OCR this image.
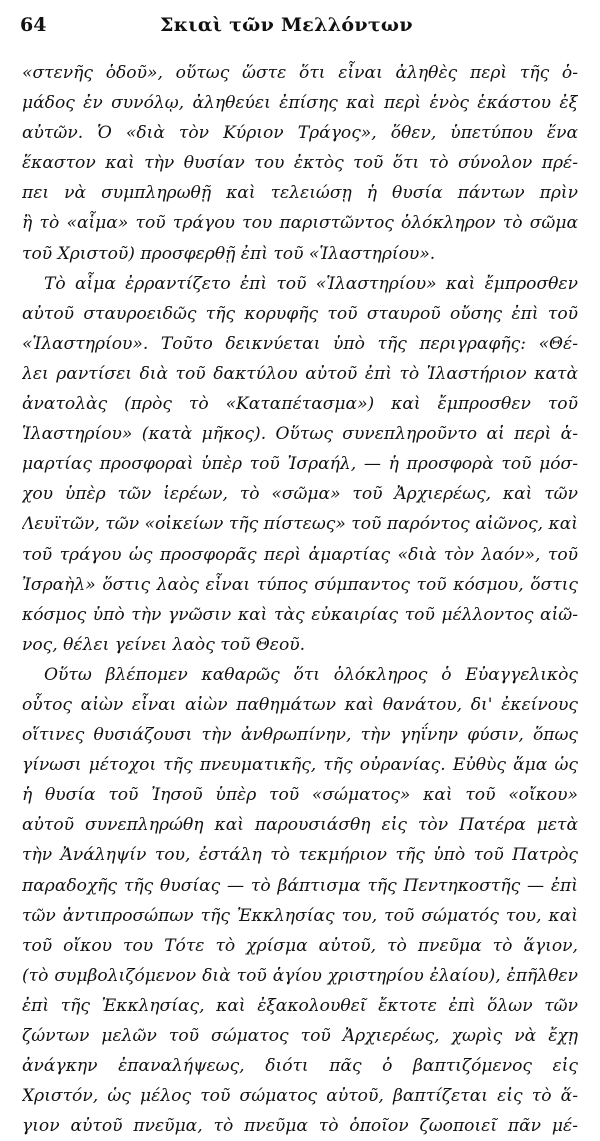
64	Σκιαὶ τῶν Μελλόντων
«στενῆς ὁδοῦ», οὕτως ὥστε ὅτι εἶναι ἀληθὲς περὶ τῆς ὁ-
μάδος ἐν συνόλῳ, ἀληθεύει ἐπίσης καὶ περὶ ἑνὸς ἑκάστου ἐξ
αὐτῶν. Ὁ «διὰ τὸν Κύριον Τράγος», ὅθεν, ὑπετύπου ἕνα
ἕκαστον καὶ τὴν θυσίαν του ἐκτὸς τοῦ ὅτι τὸ σύνολον πρέ-
πει νὰ συμπληρωθῇ καὶ τελειώσῃ ἡ θυσία πάντων πρὶν
ἢ τὸ «αἷμα» τοῦ τράγου του παριστῶντος ὁλόκληρον τὸ σῶμα
τοῦ Χριστοῦ) προσφερθῇ ἐπὶ τοῦ «Ἱλαστηρίου».
Τὸ αἷμα ἐρραντίζετο ἐπὶ τοῦ «Ἱλαστηρίου» καὶ ἔμπροσθεν
αὐτοῦ σταυροειδῶς τῆς κορυφῆς τοῦ σταυροῦ οὔσης ἐπὶ τοῦ
«Ἱλαστηρίου». Τοῦτο δεικνύεται ὑπὸ τῆς περιγραφῆς: «Θέ-
λει ραντίσει διὰ τοῦ δακτύλου αὐτοῦ ἐπὶ τὸ Ἱλαστήριον κατὰ
ἀνατολὰς (πρὸς τὸ «Καταπέτασμα») καὶ ἔμπροσθεν τοῦ
Ἱλαστηρίου» (κατὰ μῆκος). Οὕτως συνεπληροῦντο αἱ περὶ ἁ-
μαρτίας προσφοραὶ ὑπὲρ τοῦ Ἰσραήλ, — ἡ προσφορὰ τοῦ μόσ-
χου ὑπὲρ τῶν ἱερέων, τὸ «σῶμα» τοῦ Ἀρχιερέως, καὶ τῶν
Λευϊτῶν, τῶν «οἰκείων τῆς πίστεως» τοῦ παρόντος αἰῶνος, καὶ
τοῦ τράγου ὡς προσφορᾶς περὶ ἁμαρτίας «διὰ τὸν λαόν», τοῦ
Ἰσραὴλ» ὅστις λαὸς εἶναι τύπος σύμπαντος τοῦ κόσμου, ὅστις
κόσμος ὑπὸ τὴν γνῶσιν καὶ τὰς εὐκαιρίας τοῦ μέλλοντος αἰῶ-
νος, θέλει γείνει λαὸς τοῦ Θεοῦ.
Οὕτω βλέπομεν καθαρῶς ὅτι ὁλόκληρος ὁ Εὐαγγελικὸς
οὗτος αἰὼν εἶναι αἰὼν παθημάτων καὶ θανάτου, δι' ἐκείνους
οἵτινες θυσιάζουσι τὴν ἀνθρωπίνην, τὴν γηΐνην φύσιν, ὅπως
γίνωσι μέτοχοι τῆς πνευματικῆς, τῆς οὐρανίας. Εὐθὺς ἅμα ὡς
ἡ θυσία τοῦ Ἰησοῦ ὑπὲρ τοῦ «σώματος» καὶ τοῦ «οἴκου»
αὐτοῦ συνεπληρώθη καὶ παρουσιάσθη εἰς τὸν Πατέρα μετὰ
τὴν Ἀνάληψίν του, ἐστάλη τὸ τεκμήριον τῆς ὑπὸ τοῦ Πατρὸς
παραδοχῆς τῆς θυσίας — τὸ βάπτισμα τῆς Πεντηκοστῆς — ἐπὶ
τῶν ἀντιπροσώπων τῆς Ἐκκλησίας του, τοῦ σώματός του, καὶ
τοῦ οἴκου του Τότε τὸ χρίσμα αὐτοῦ, τὸ πνεῦμα τὸ ἅγιον,
(τὸ συμβολιζόμενον διὰ τοῦ ἁγίου χριστηρίου ἐλαίου), ἐπῆλθεν
ἐπὶ τῆς Ἐκκλησίας, καὶ ἐξακολουθεῖ ἔκτοτε ἐπὶ ὅλων τῶν
ζώντων μελῶν τοῦ σώματος τοῦ Ἀρχιερέως, χωρὶς νὰ ἔχῃ
ἀνάγκην ἐπαναλήψεως, διότι πᾶς ὁ βαπτιζόμενος εἰς
Χριστόν, ὡς μέλος τοῦ σώματος αὐτοῦ, βαπτίζεται εἰς τὸ ἅ-
γιον αὐτοῦ πνεῦμα, τὸ πνεῦμα τὸ ὁποῖον ζωοποιεῖ πᾶν μέ-
